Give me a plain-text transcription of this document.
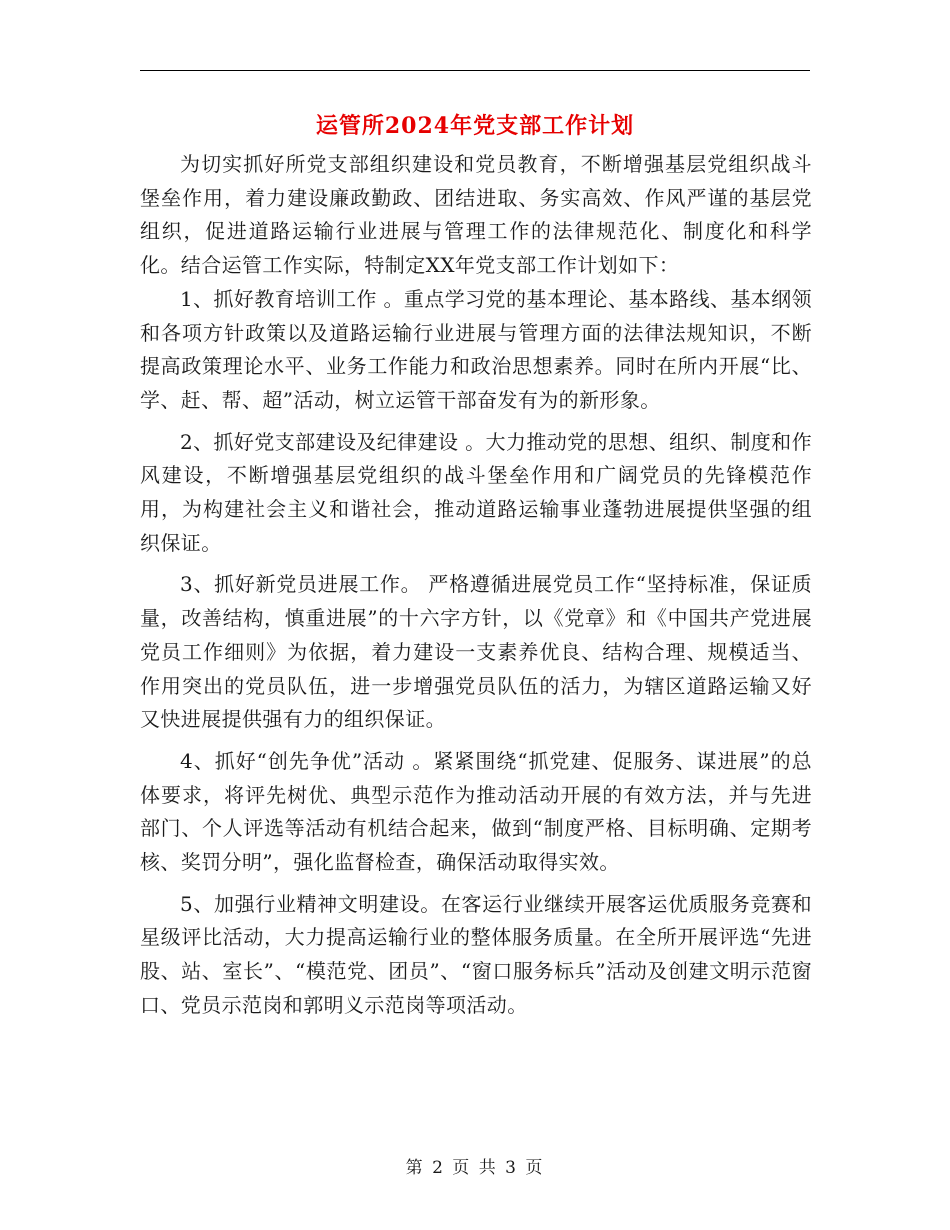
运管所2024年党支部工作计划

为切实抓好所党支部组织建设和党员教育，不断增强基层党组织战斗堡垒作用，着力建设廉政勤政、团结进取、务实高效、作风严谨的基层党组织，促进道路运输行业进展与管理工作的法律规范化、制度化和科学化。结合运管工作实际，特制定XX年党支部工作计划如下：

1、抓好教育培训工作 。重点学习党的基本理论、基本路线、基本纲领和各项方针政策以及道路运输行业进展与管理方面的法律法规知识，不断提高政策理论水平、业务工作能力和政治思想素养。同时在所内开展“比、学、赶、帮、超”活动，树立运管干部奋发有为的新形象。

2、抓好党支部建设及纪律建设 。大力推动党的思想、组织、制度和作风建设，不断增强基层党组织的战斗堡垒作用和广阔党员的先锋模范作用，为构建社会主义和谐社会，推动道路运输事业蓬勃进展提供坚强的组织保证。

3、抓好新党员进展工作。 严格遵循进展党员工作“坚持标准，保证质量，改善结构，慎重进展”的十六字方针，以《党章》和《中国共产党进展党员工作细则》为依据，着力建设一支素养优良、结构合理、规模适当、作用突出的党员队伍，进一步增强党员队伍的活力，为辖区道路运输又好又快进展提供强有力的组织保证。

4、抓好“创先争优”活动 。紧紧围绕“抓党建、促服务、谋进展”的总体要求，将评先树优、典型示范作为推动活动开展的有效方法，并与先进部门、个人评选等活动有机结合起来，做到“制度严格、目标明确、定期考核、奖罚分明”，强化监督检查，确保活动取得实效。

5、加强行业精神文明建设。在客运行业继续开展客运优质服务竞赛和星级评比活动，大力提高运输行业的整体服务质量。在全所开展评选“先进股、站、室长”、“模范党、团员”、“窗口服务标兵”活动及创建文明示范窗口、党员示范岗和郭明义示范岗等项活动。

第 2 页 共 3 页
